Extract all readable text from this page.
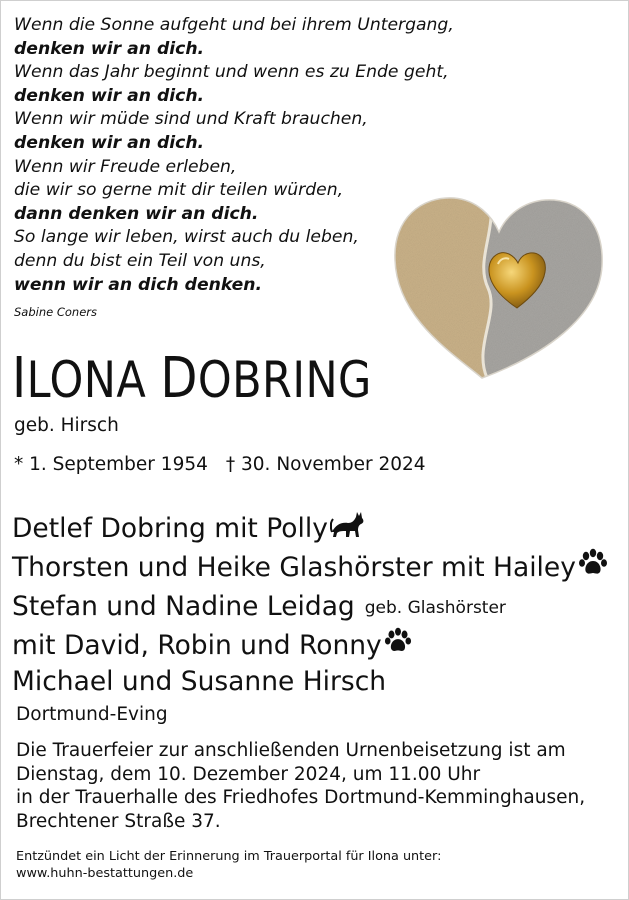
Wenn die Sonne aufgeht und bei ihrem Untergang,
denken wir an dich.
Wenn das Jahr beginnt und wenn es zu Ende geht,
denken wir an dich.
Wenn wir müde sind und Kraft brauchen,
denken wir an dich.
Wenn wir Freude erleben,
die wir so gerne mit dir teilen würden,
dann denken wir an dich.
So lange wir leben, wirst auch du leben,
denn du bist ein Teil von uns,
wenn wir an dich denken.
Sabine Coners
ILONA DOBRING
geb. Hirsch
* 1. September 1954 † 30. November 2024
Detlef Dobring mit Polly
Thorsten und Heike Glashörster mit Hailey
Stefan und Nadine Leidag geb. Glashörster
mit David, Robin und Ronny
Michael und Susanne Hirsch
Dortmund-Eving
Die Trauerfeier zur anschließenden Urnenbeisetzung ist am
Dienstag, dem 10. Dezember 2024, um 11.00 Uhr
in der Trauerhalle des Friedhofes Dortmund-Kemminghausen,
Brechtener Straße 37.
Entzündet ein Licht der Erinnerung im Trauerportal für Ilona unter:
www.huhn-bestattungen.de
